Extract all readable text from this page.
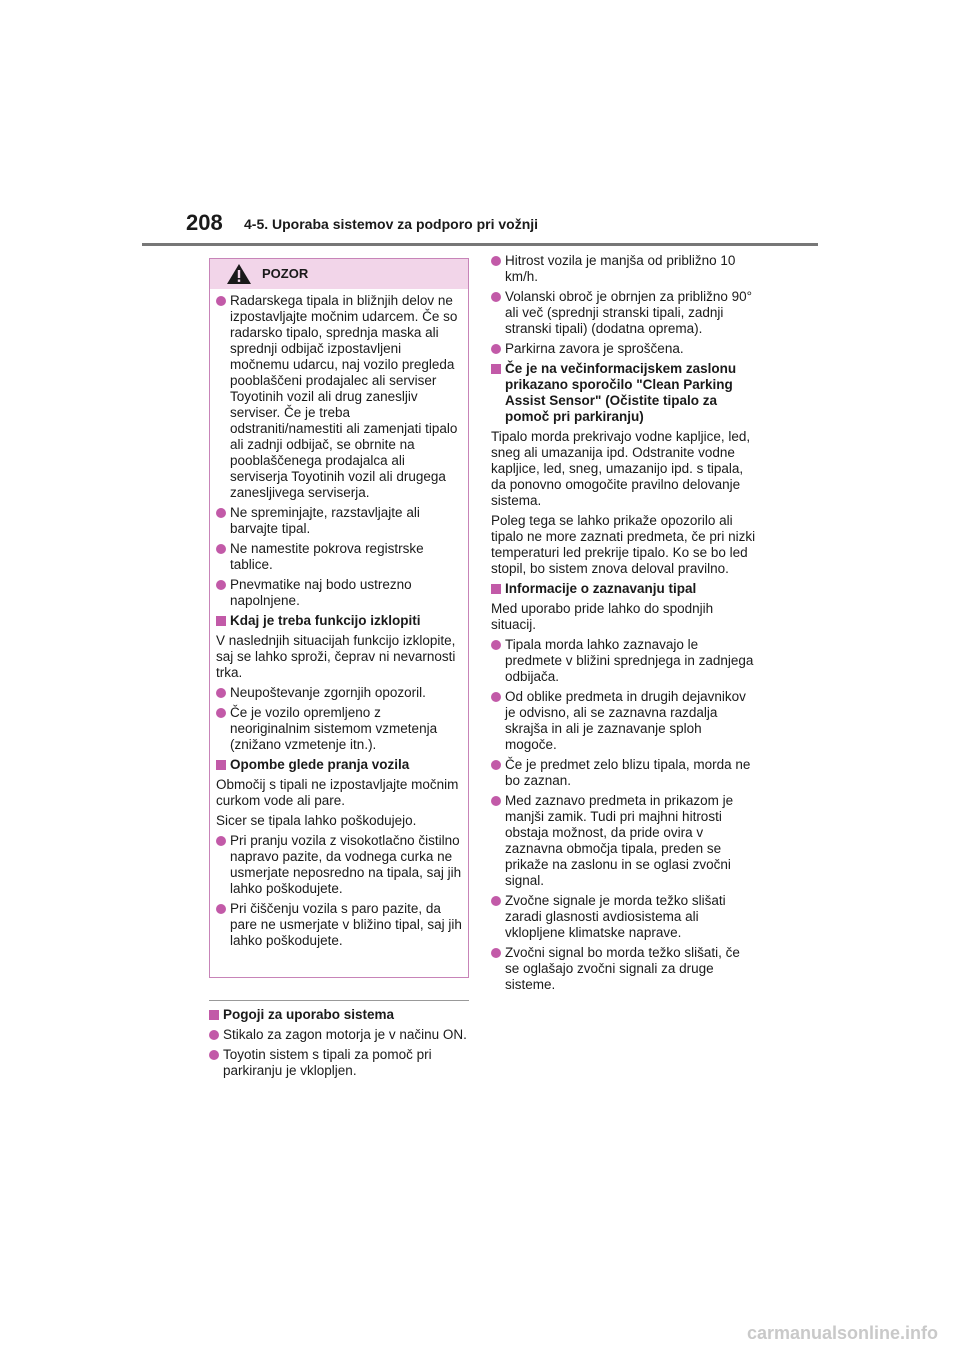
208 4-5. Uporaba sistemov za podporo pri vožnji
POZOR
Radarskega tipala in bližnjih delov ne izpostavljajte močnim udarcem. Če so radarsko tipalo, sprednja maska ali sprednji odbijač izpostavljeni močnemu udarcu, naj vozilo pregleda pooblaščeni prodajalec ali serviser Toyotinih vozil ali drug zanesljiv serviser. Če je treba odstraniti/namestiti ali zamenjati tipalo ali zadnji odbijač, se obrnite na pooblaščenega prodajalca ali serviserja Toyotinih vozil ali drugega zanesljivega serviserja.
Ne spreminjajte, razstavljajte ali barvajte tipal.
Ne namestite pokrova registrske tablice.
Pnevmatike naj bodo ustrezno napolnjene.
Kdaj je treba funkcijo izklopiti
V naslednjih situacijah funkcijo izklopite, saj se lahko sproži, čeprav ni nevarnosti trka.
Neupoštevanje zgornjih opozoril.
Če je vozilo opremljeno z neoriginalnim sistemom vzmetenja (znižano vzmetenje itn.).
Opombe glede pranja vozila
Območij s tipali ne izpostavljajte močnim curkom vode ali pare.
Sicer se tipala lahko poškodujejo.
Pri pranju vozila z visokotlačno čistilno napravo pazite, da vodnega curka ne usmerjate neposredno na tipala, saj jih lahko poškodujete.
Pri čiščenju vozila s paro pazite, da pare ne usmerjate v bližino tipal, saj jih lahko poškodujete.
Pogoji za uporabo sistema
Stikalo za zagon motorja je v načinu ON.
Toyotin sistem s tipali za pomoč pri parkiranju je vklopljen.
Hitrost vozila je manjša od približno 10 km/h.
Volanski obroč je obrnjen za približno 90° ali več (sprednji stranski tipali, zadnji stranski tipali) (dodatna oprema).
Parkirna zavora je sproščena.
Če je na večinformacijskem zaslonu prikazano sporočilo "Clean Parking Assist Sensor" (Očistite tipalo za pomoč pri parkiranju)
Tipalo morda prekrivajo vodne kapljice, led, sneg ali umazanija ipd. Odstranite vodne kapljice, led, sneg, umazanijo ipd. s tipala, da ponovno omogočite pravilno delovanje sistema.
Poleg tega se lahko prikaže opozorilo ali tipalo ne more zaznati predmeta, če pri nizki temperaturi led prekrije tipalo. Ko se bo led stopil, bo sistem znova deloval pravilno.
Informacije o zaznavanju tipal
Med uporabo pride lahko do spodnjih situacij.
Tipala morda lahko zaznavajo le predmete v bližini sprednjega in zadnjega odbijača.
Od oblike predmeta in drugih dejavnikov je odvisno, ali se zaznavna razdalja skrajša in ali je zaznavanje sploh mogoče.
Če je predmet zelo blizu tipala, morda ne bo zaznan.
Med zaznavo predmeta in prikazom je manjši zamik. Tudi pri majhni hitrosti obstaja možnost, da pride ovira v zaznavna območja tipala, preden se prikaže na zaslonu in se oglasi zvočni signal.
Zvočne signale je morda težko slišati zaradi glasnosti avdiosistema ali vklopljene klimatske naprave.
Zvočni signal bo morda težko slišati, če se oglašajo zvočni signali za druge sisteme.
carmanualsonline.info
